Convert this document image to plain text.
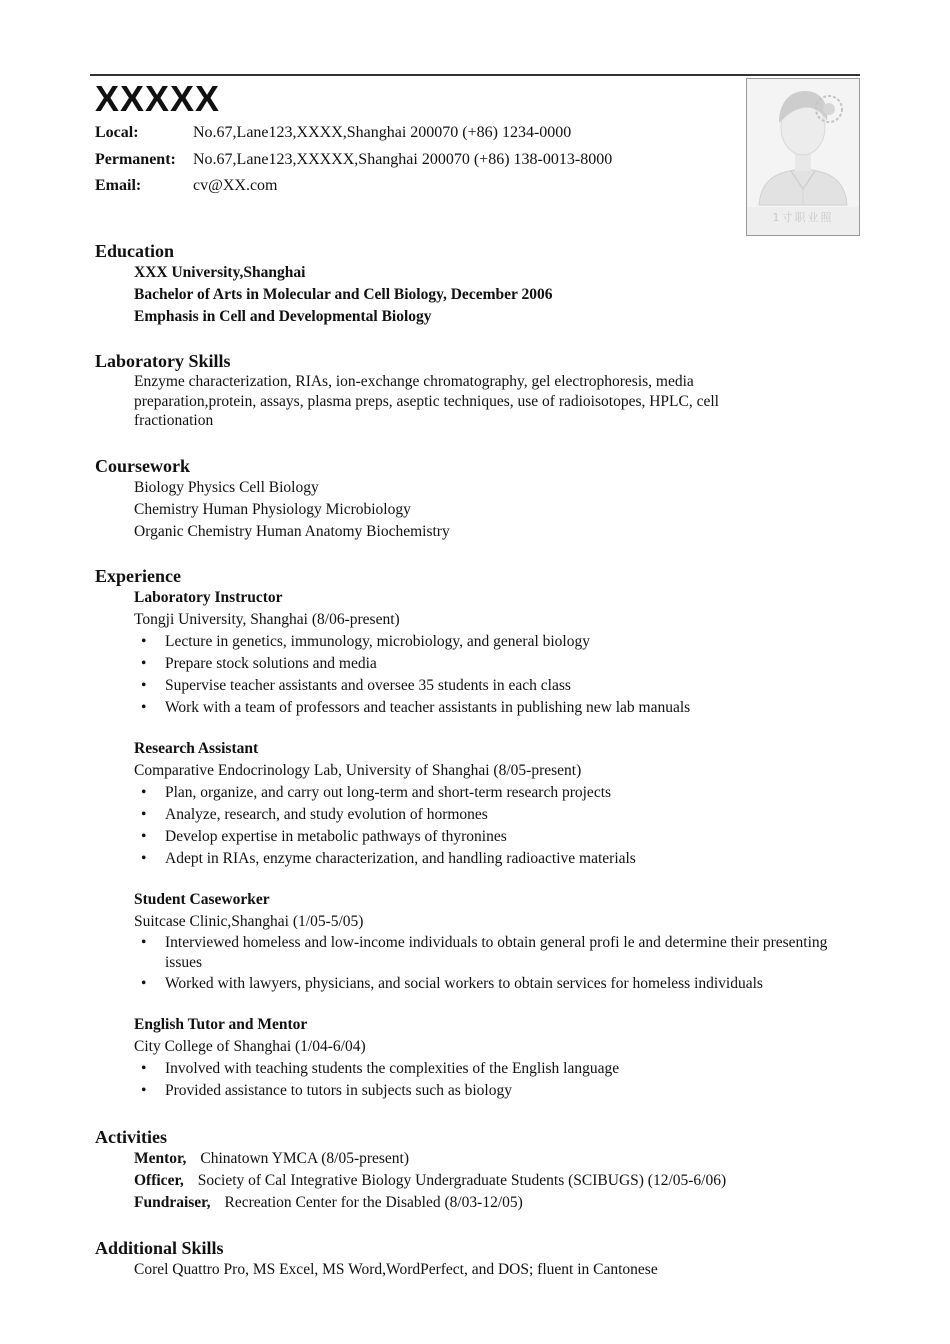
XXXXX
Local:	No.67,Lane123,XXXX,Shanghai 200070 (+86) 1234-0000
Permanent: No.67,Lane123,XXXXX,Shanghai 200070 (+86) 138-0013-8000
Email:	cv@XX.com
1寸职业照
Education
XXX University,Shanghai
Bachelor of Arts in Molecular and Cell Biology, December 2006
Emphasis in Cell and Developmental Biology
Laboratory Skills
Enzyme characterization, RIAs, ion-exchange chromatography, gel electrophoresis, media preparation,protein, assays, plasma preps, aseptic techniques, use of radioisotopes, HPLC, cell fractionation
Coursework
Biology Physics Cell Biology
Chemistry Human Physiology Microbiology
Organic Chemistry Human Anatomy Biochemistry
Experience
Laboratory Instructor
Tongji University, Shanghai (8/06-present)
• Lecture in genetics, immunology, microbiology, and general biology
• Prepare stock solutions and media
• Supervise teacher assistants and oversee 35 students in each class
• Work with a team of professors and teacher assistants in publishing new lab manuals
Research Assistant
Comparative Endocrinology Lab, University of Shanghai (8/05-present)
• Plan, organize, and carry out long-term and short-term research projects
• Analyze, research, and study evolution of hormones
• Develop expertise in metabolic pathways of thyronines
• Adept in RIAs, enzyme characterization, and handling radioactive materials
Student Caseworker
Suitcase Clinic,Shanghai (1/05-5/05)
• Interviewed homeless and low-income individuals to obtain general profi le and determine their presenting issues
• Worked with lawyers, physicians, and social workers to obtain services for homeless individuals
English Tutor and Mentor
City College of Shanghai (1/04-6/04)
• Involved with teaching students the complexities of the English language
• Provided assistance to tutors in subjects such as biology
Activities
Mentor, Chinatown YMCA (8/05-present)
Officer, Society of Cal Integrative Biology Undergraduate Students (SCIBUGS) (12/05-6/06)
Fundraiser, Recreation Center for the Disabled (8/03-12/05)
Additional Skills
Corel Quattro Pro, MS Excel, MS Word,WordPerfect, and DOS; fluent in Cantonese
